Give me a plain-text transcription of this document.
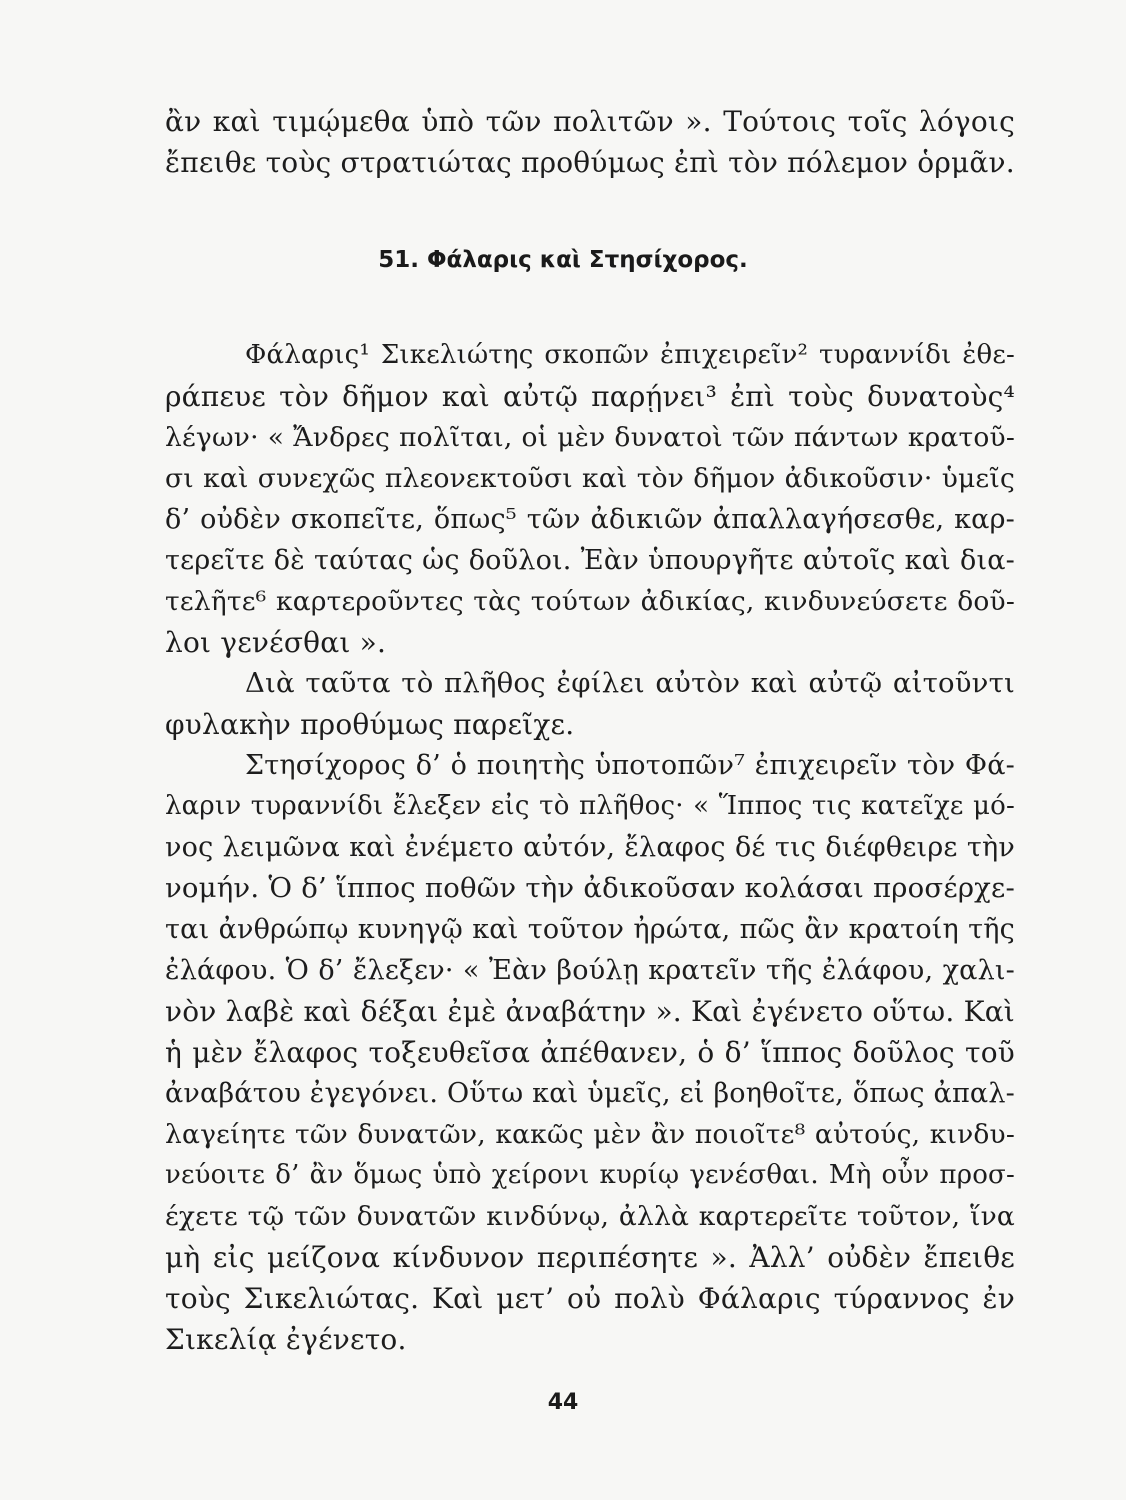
ἂν καὶ τιμῴμεθα ὑπὸ τῶν πολιτῶν ». Τούτοις τοῖς λόγοις
ἔπειθε τοὺς στρατιώτας προθύμως ἐπὶ τὸν πόλεμον ὁρμᾶν.
51. Φάλαρις καὶ Στησίχορος.
Φάλαρις¹ Σικελιώτης σκοπῶν ἐπιχειρεῖν² τυραννίδι ἐθε-
ράπευε τὸν δῆμον καὶ αὐτῷ παρῄνει³ ἐπὶ τοὺς δυνατοὺς⁴
λέγων· « Ἄνδρες πολῖται, οἱ μὲν δυνατοὶ τῶν πάντων κρατοῦ-
σι καὶ συνεχῶς πλεονεκτοῦσι καὶ τὸν δῆμον ἀδικοῦσιν· ὑμεῖς
δ’ οὐδὲν σκοπεῖτε, ὅπως⁵ τῶν ἀδικιῶν ἀπαλλαγήσεσθε, καρ-
τερεῖτε δὲ ταύτας ὡς δοῦλοι. Ἐὰν ὑπουργῆτε αὐτοῖς καὶ δια-
τελῆτε⁶ καρτεροῦντες τὰς τούτων ἀδικίας, κινδυνεύσετε δοῦ-
λοι γενέσθαι ».
Διὰ ταῦτα τὸ πλῆθος ἐφίλει αὐτὸν καὶ αὐτῷ αἰτοῦντι
φυλακὴν προθύμως παρεῖχε.
Στησίχορος δ’ ὁ ποιητὴς ὑποτοπῶν⁷ ἐπιχειρεῖν τὸν Φά-
λαριν τυραννίδι ἔλεξεν εἰς τὸ πλῆθος· « Ἵππος τις κατεῖχε μό-
νος λειμῶνα καὶ ἐνέμετο αὐτόν, ἔλαφος δέ τις διέφθειρε τὴν
νομήν. Ὁ δ’ ἵππος ποθῶν τὴν ἀδικοῦσαν κολάσαι προσέρχε-
ται ἀνθρώπῳ κυνηγῷ καὶ τοῦτον ἠρώτα, πῶς ἂν κρατοίη τῆς
ἐλάφου. Ὁ δ’ ἔλεξεν· « Ἐὰν βούλῃ κρατεῖν τῆς ἐλάφου, χαλι-
νὸν λαβὲ καὶ δέξαι ἐμὲ ἀναβάτην ». Καὶ ἐγένετο οὕτω. Καὶ
ἡ μὲν ἔλαφος τοξευθεῖσα ἀπέθανεν, ὁ δ’ ἵππος δοῦλος τοῦ
ἀναβάτου ἐγεγόνει. Οὕτω καὶ ὑμεῖς, εἰ βοηθοῖτε, ὅπως ἀπαλ-
λαγείητε τῶν δυνατῶν, κακῶς μὲν ἂν ποιοῖτε⁸ αὐτούς, κινδυ-
νεύοιτε δ’ ἂν ὅμως ὑπὸ χείρονι κυρίῳ γενέσθαι. Μὴ οὖν προσ-
έχετε τῷ τῶν δυνατῶν κινδύνῳ, ἀλλὰ καρτερεῖτε τοῦτον, ἵνα
μὴ εἰς μείζονα κίνδυνον περιπέσητε ». Ἀλλ’ οὐδὲν ἔπειθε
τοὺς Σικελιώτας. Καὶ μετ’ οὐ πολὺ Φάλαρις τύραννος ἐν
Σικελίᾳ ἐγένετο.
44
